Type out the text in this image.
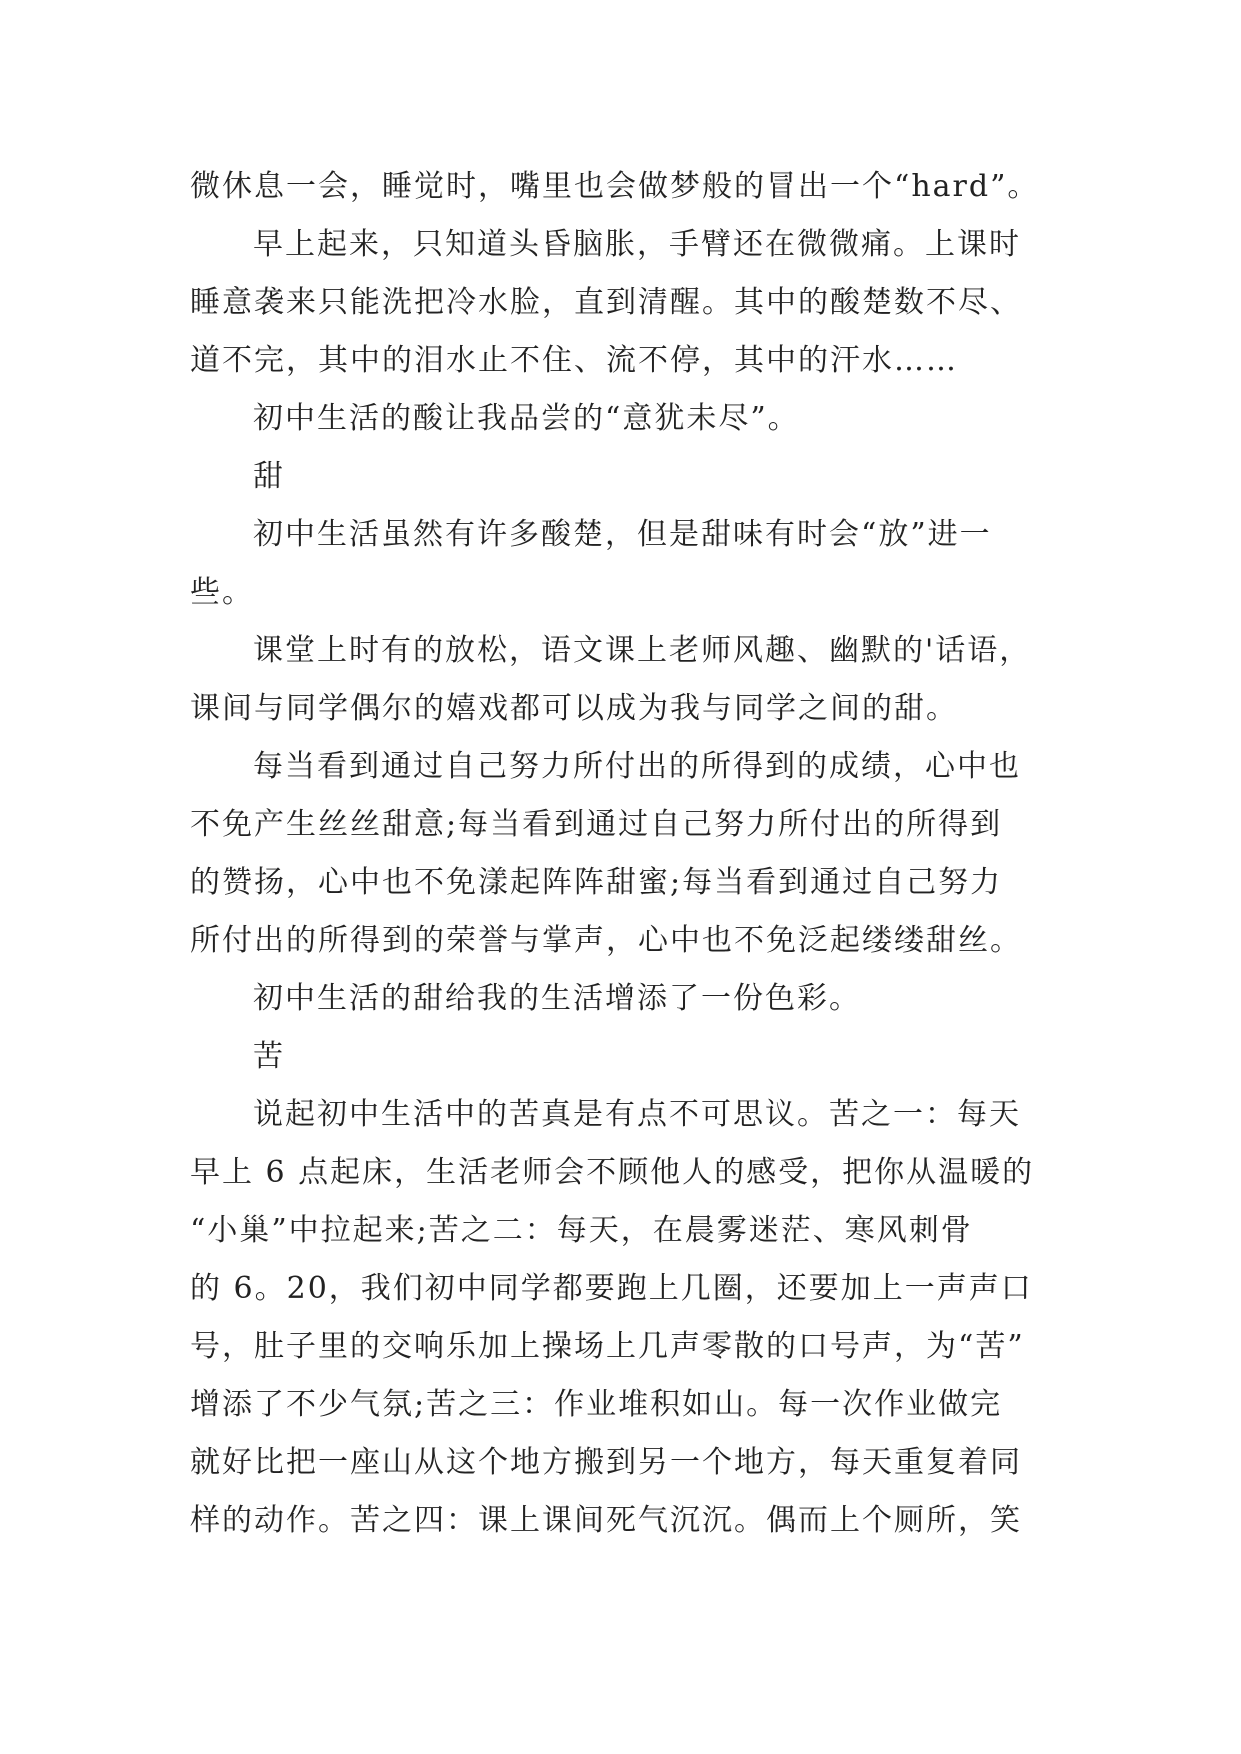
微休息一会，睡觉时，嘴里也会做梦般的冒出一个“hard”。
早上起来，只知道头昏脑胀，手臂还在微微痛。上课时
睡意袭来只能洗把冷水脸，直到清醒。其中的酸楚数不尽、
道不完，其中的泪水止不住、流不停，其中的汗水……
初中生活的酸让我品尝的“意犹未尽”。
甜
初中生活虽然有许多酸楚，但是甜味有时会“放”进一
些。
课堂上时有的放松，语文课上老师风趣、幽默的'话语，
课间与同学偶尔的嬉戏都可以成为我与同学之间的甜。
每当看到通过自己努力所付出的所得到的成绩，心中也
不免产生丝丝甜意;每当看到通过自己努力所付出的所得到
的赞扬，心中也不免漾起阵阵甜蜜;每当看到通过自己努力
所付出的所得到的荣誉与掌声，心中也不免泛起缕缕甜丝。
初中生活的甜给我的生活增添了一份色彩。
苦
说起初中生活中的苦真是有点不可思议。苦之一：每天
早上 6 点起床，生活老师会不顾他人的感受，把你从温暖的
“小巢”中拉起来;苦之二：每天，在晨雾迷茫、寒风刺骨
的 6。20，我们初中同学都要跑上几圈，还要加上一声声口
号，肚子里的交响乐加上操场上几声零散的口号声，为“苦”
增添了不少气氛;苦之三：作业堆积如山。每一次作业做完
就好比把一座山从这个地方搬到另一个地方，每天重复着同
样的动作。苦之四：课上课间死气沉沉。偶而上个厕所，笑
